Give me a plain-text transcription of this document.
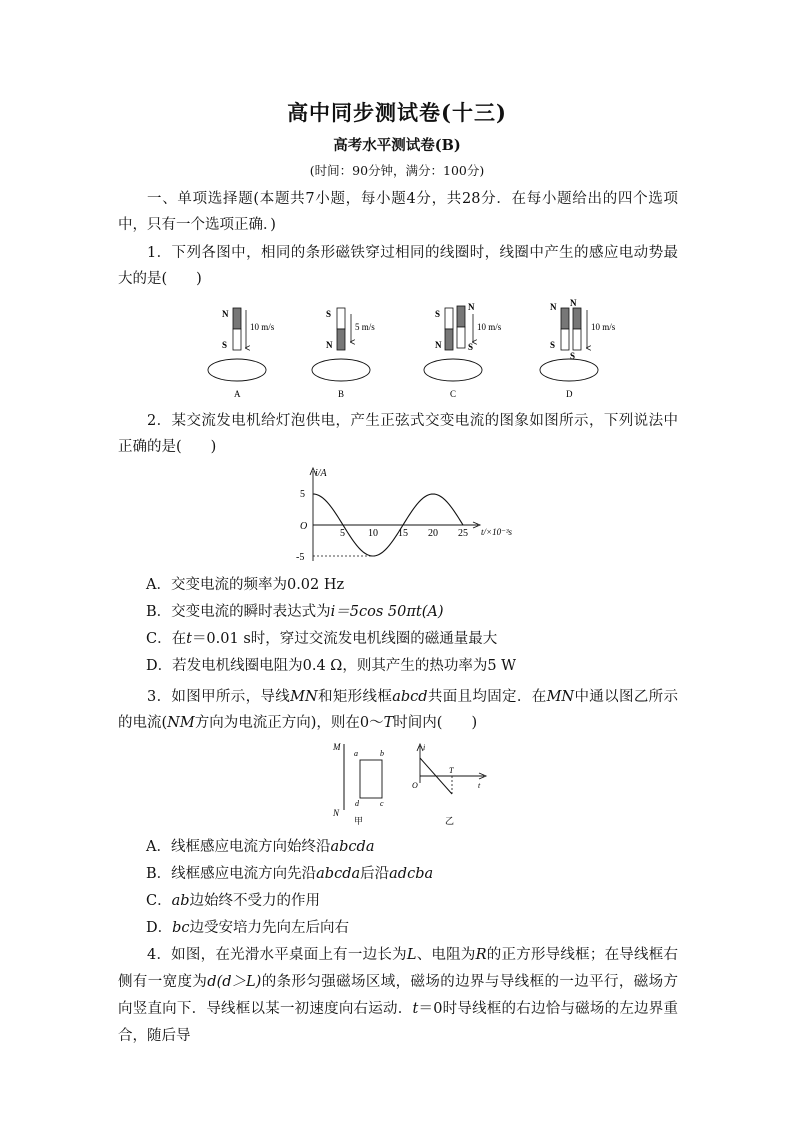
高中同步测试卷(十三)
高考水平测试卷(B)
(时间：90分钟，满分：100分)
一、单项选择题(本题共7小题，每小题4分，共28分．在每小题给出的四个选项中，只有一个选项正确．)
1．下列各图中，相同的条形磁铁穿过相同的线圈时，线圈中产生的感应电动势最大的是(　　)
N
S
10 m/s
A
S
N
5 m/s
B
S
N
N
S
10 m/s
C
N
S
N
S
10 m/s
D
2．某交流发电机给灯泡供电，产生正弦式交变电流的图象如图所示，下列说法中正确的是(　　)
i/A
t/×10⁻³s
5
O
-5
5 10 15 20 25
A．交变电流的频率为0.02 Hz
B．交变电流的瞬时表达式为i＝5cos 50πt(A)
C．在t＝0.01 s时，穿过交流发电机线圈的磁通量最大
D．若发电机线圈电阻为0.4 Ω，则其产生的热功率为5 W
3．如图甲所示，导线MN和矩形线框abcd共面且均固定．在MN中通以图乙所示的电流(NM方向为电流正方向)，则在0～T时间内(　　)
M
N
a	b
c
d
甲
i
O
T
t
乙
A．线框感应电流方向始终沿abcda
B．线框感应电流方向先沿abcda后沿adcba
C．ab边始终不受力的作用
D．bc边受安培力先向左后向右
4．如图，在光滑水平桌面上有一边长为L、电阻为R的正方形导线框；在导线框右侧有一宽度为d(d＞L)的条形匀强磁场区域，磁场的边界与导线框的一边平行，磁场方向竖直向下．导线框以某一初速度向右运动．t＝0时导线框的右边恰与磁场的左边界重合，随后导
